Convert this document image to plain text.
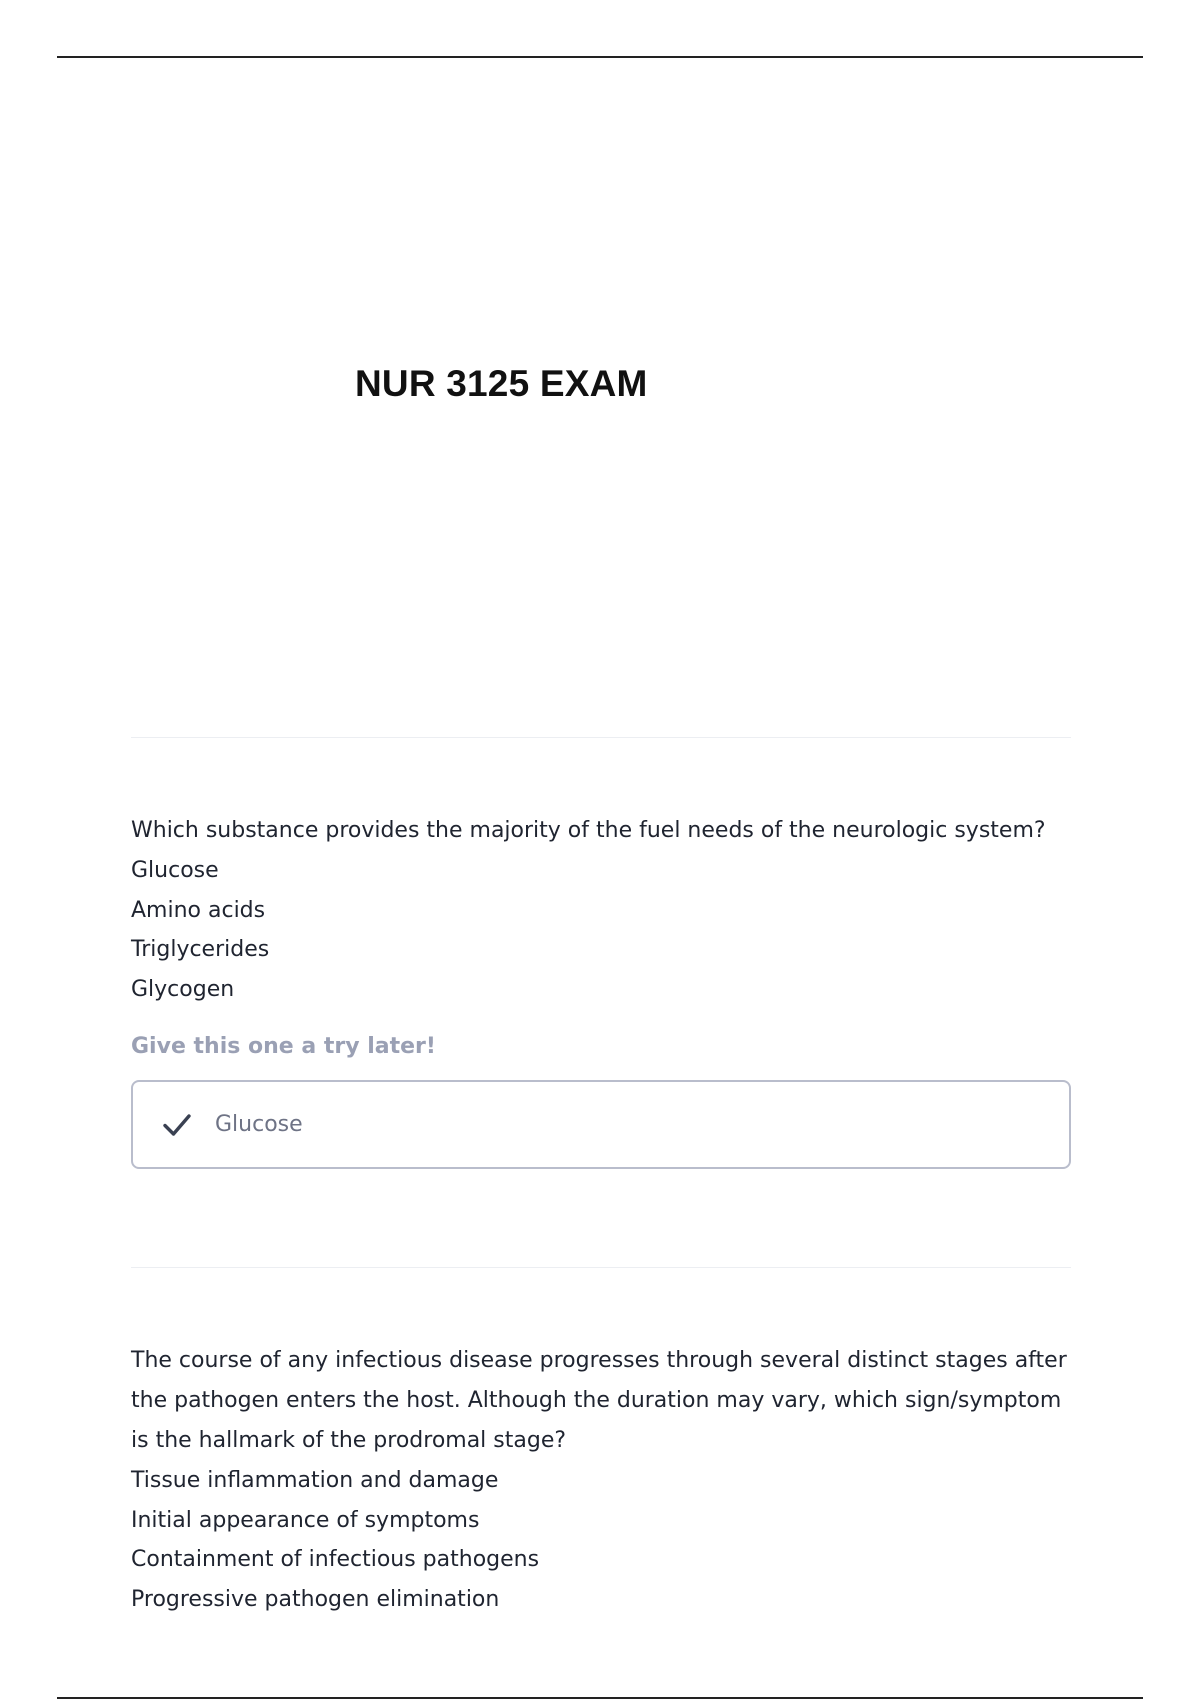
NUR 3125 EXAM

Which substance provides the majority of the fuel needs of the neurologic system?

Glucose
Amino acids
Triglycerides
Glycogen

Give this one a try later!

Glucose

The course of any infectious disease progresses through several distinct stages after the pathogen enters the host. Although the duration may vary, which sign/symptom is the hallmark of the prodromal stage?

Tissue inflammation and damage
Initial appearance of symptoms
Containment of infectious pathogens
Progressive pathogen elimination
